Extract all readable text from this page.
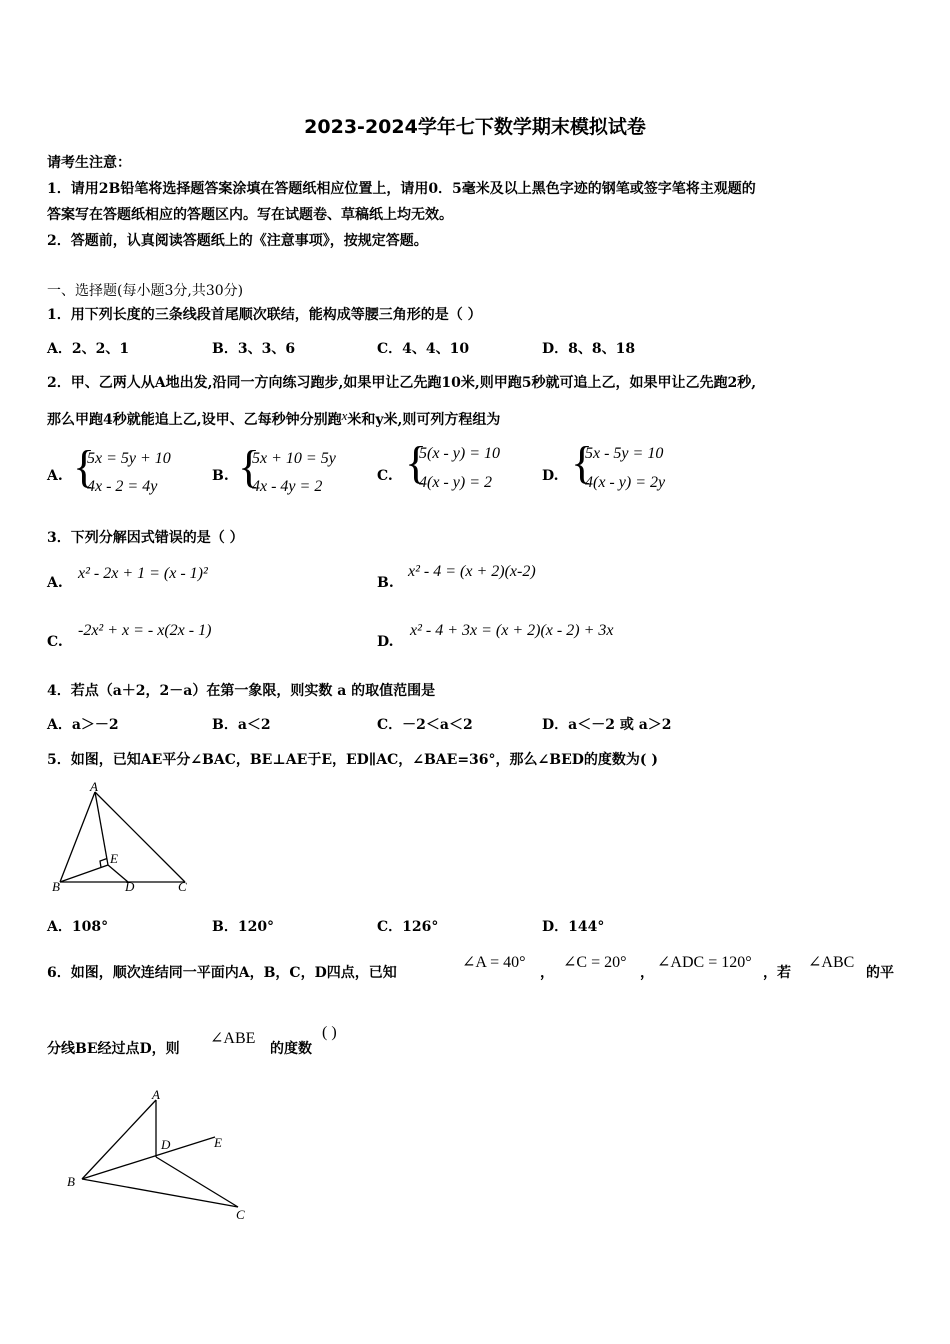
2023-2024学年七下数学期末模拟试卷
请考生注意：
1．请用2B铅笔将选择题答案涂填在答题纸相应位置上，请用0．5毫米及以上黑色字迹的钢笔或签字笔将主观题的
答案写在答题纸相应的答题区内。写在试题卷、草稿纸上均无效。
2．答题前，认真阅读答题纸上的《注意事项》，按规定答题。
一、选择题(每小题3分,共30分)
1．用下列长度的三条线段首尾顺次联结，能构成等腰三角形的是（ ）
A．2、2、1	B．3、3、6	C．4、4、10	D．8、8、18
2．甲、乙两人从A地出发,沿同一方向练习跑步,如果甲让乙先跑10米,则甲跑5秒就可追上乙，如果甲让乙先跑2秒,
那么甲跑4秒就能追上乙,设甲、乙每秒钟分别跑x米和y米,则可列方程组为
A. {
5x = 5y + 10
4x - 2 = 4y
B. {
5x + 10 = 5y
4x - 4y = 2
C. {
5(x - y) = 10
4(x - y) = 2	D. {
5x - 5y = 10
4(x - y) = 2y
3．下列分解因式错误的是（ ）
A.
x² - 2x + 1 = (x - 1)²
B.
x² - 4 = (x + 2)(x-2)
C.
-2x² + x = - x(2x - 1)
D.
x² - 4 + 3x = (x + 2)(x - 2) + 3x
4．若点（a＋2，2－a）在第一象限，则实数 a 的取值范围是
A．a＞－2	B．a＜2	C．－2＜a＜2	D．a＜－2 或 a＞2
5．如图，已知AE平分∠BAC，BE⊥AE于E，ED∥AC，∠BAE=36°，那么∠BED的度数为( )
A
B	C
D
E
A．108°	B．120°	C．126°	D．144°
6．如图，顺次连结同一平面内A，B，C，D四点，已知
∠A = 40°
，
∠C = 20°
，
∠ADC = 120°
，若
∠ABC
的平
分线BE经过点D，则
∠ABE
的度数
( )
A
B
C
D	E
